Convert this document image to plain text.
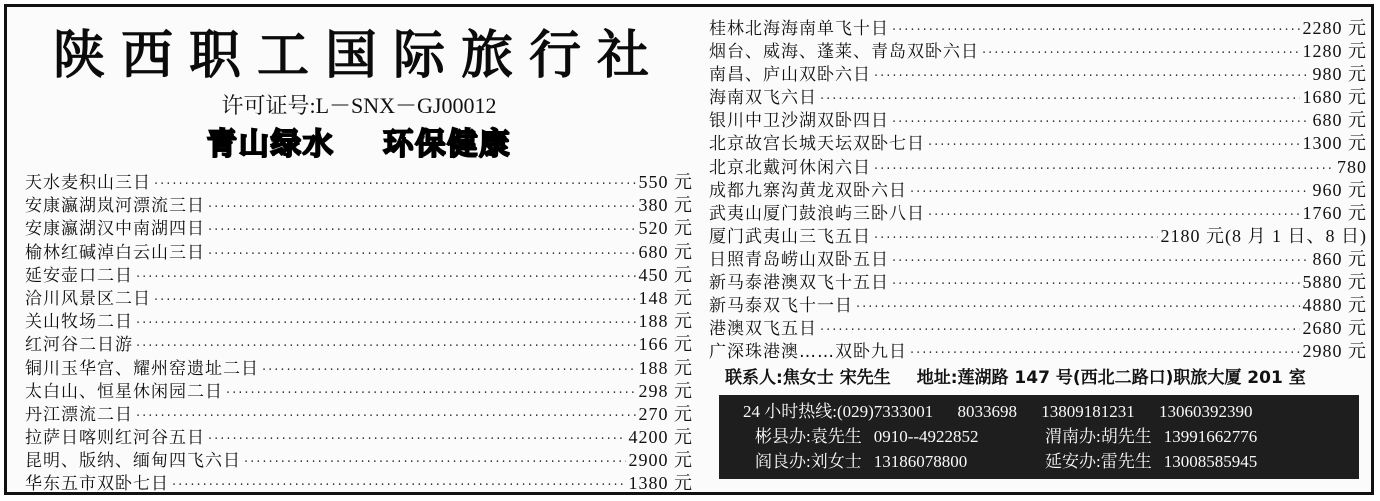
陕西职工国际旅行社
许可证号:L－SNX－GJ00012
青山绿水 环保健康
天水麦积山三日 ·····	550 元
安康瀛湖岚河漂流三日 ·····	380 元
安康瀛湖汉中南湖四日 ·····	520 元
榆林红碱淖白云山三日 ·····	680 元
延安壶口二日 ·····	450 元
洽川风景区二日 ·····	148 元
关山牧场二日 ·····	188 元
红河谷二日游 ·····	166 元
铜川玉华宫、耀州窑遗址二日 ·····	188 元
太白山、恒星休闲园二日 ·····	298 元
丹江漂流二日 ·····	270 元
拉萨日喀则红河谷五日 ·····	4200 元
昆明、版纳、缅甸四飞六日 ·····	2900 元
华东五市双卧七日 ·····	1380 元
桂林北海海南单飞十日 ·····	2280 元
烟台、威海、蓬莱、青岛双卧六日 ·····	1280 元
南昌、庐山双卧六日 ·····	980 元
海南双飞六日 ·····	1680 元
银川中卫沙湖双卧四日 ·····	680 元
北京故宫长城天坛双卧七日 ·····	1300 元
北京北戴河休闲六日 ·····	780
成都九寨沟黄龙双卧六日 ·····	960 元
武夷山厦门鼓浪屿三卧八日 ·····	1760 元
厦门武夷山三飞五日 ·····	2180 元(8 月 1 日、8 日)
日照青岛崂山双卧五日 ·····	860 元
新马泰港澳双飞十五日 ·····	5880 元
新马泰双飞十一日 ·····	4880 元
港澳双飞五日 ·····	2680 元
广深珠港澳……双卧九日 ·····	2980 元
联系人:焦女士 宋先生 地址:莲湖路 147 号(西北二路口)职旅大厦 201 室
24 小时热线:(029)7333001 8033698 13809181231 13060392390
彬县办:袁先生 0910--4922852	渭南办:胡先生 13991662776
阎良办:刘女士 13186078800	延安办:雷先生 13008585945
